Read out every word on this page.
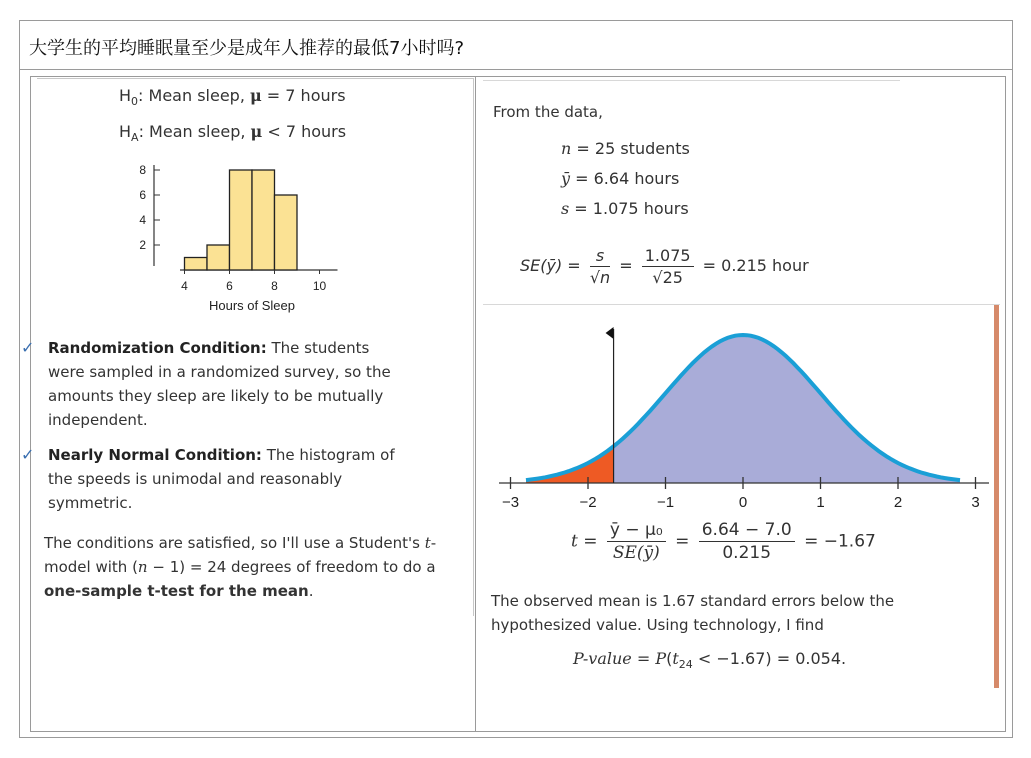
大学生的平均睡眠量至少是成年人推荐的最低7小时吗?
$H_0$: Mean sleep, μ = 7 hours
$H_A$: Mean sleep, μ < 7 hours
2
4
6
8
4	6	8	10
Hours of Sleep
✓ Randomization Condition: The students were sampled in a randomized survey, so the amounts they sleep are likely to be mutually independent.
✓ Nearly Normal Condition: The histogram of the speeds is unimodal and reasonably symmetric.
The conditions are satisfied, so I'll use a Student's t-model with (n − 1) = 24 degrees of freedom to do a one-sample t-test for the mean.
From the data,
n = 25 students
ȳ = 6.64 hours
s = 1.075 hours
SE(ȳ) = $\frac{s}{√n} = \frac{1.075}{√25} = 0.215$ hour
−3	−2	−1	0	1	2	3
$t = \frac{\text{ȳ − μ₀}}{SE(ȳ)} = \frac{6.64 - 7.0}{0.215} = -1.67$
The observed mean is 1.67 standard errors below the hypothesized value. Using technology, I find
P-value = $P(t_{24} < -1.67) = 0.054$.
